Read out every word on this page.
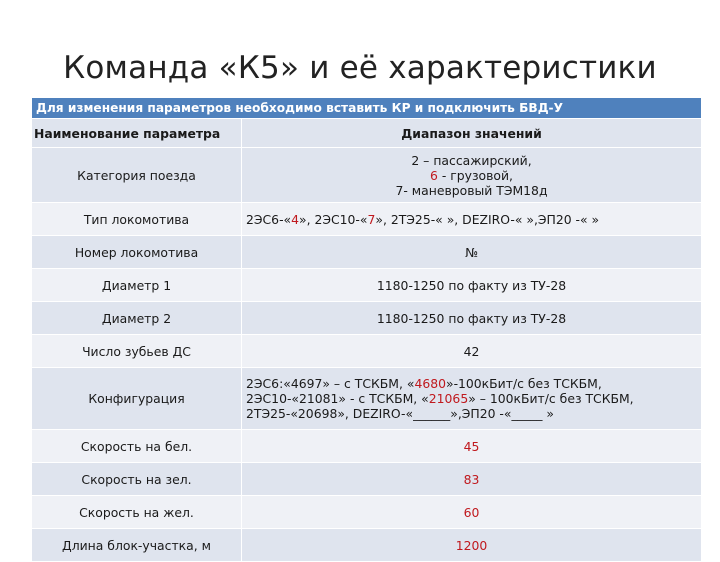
Команда «К5» и её характеристики
Для изменения параметров необходимо вставить КР и подключить БВД-У	
Наименование параметра	Диапазон значений
Категория поезда	2 – пассажирский,
6 - грузовой,
7- маневровый ТЭМ18д

Тип локомотива	2ЭС6-«4», 2ЭС10-«7», 2ТЭ25-« », DEZIRO-« »,ЭП20 -« »

Номер локомотива	№

Диаметр 1	1180-1250 по факту из ТУ-28

Диаметр 2	1180-1250 по факту из ТУ-28

Число зубьев ДС	42

Конфигурация	2ЭС6:«4697» – с ТСКБМ, «4680»-100кБит/с без ТСКБМ,
2ЭС10-«21081» - с ТСКБМ, «21065» – 100кБит/с без ТСКБМ,
2ТЭ25-«20698», DEZIRO-«______»,ЭП20 -«_____ »

Скорость на бел.	45

Скорость на зел.	83

Скорость на жел.	60

Длина блок-участка, м	1200
